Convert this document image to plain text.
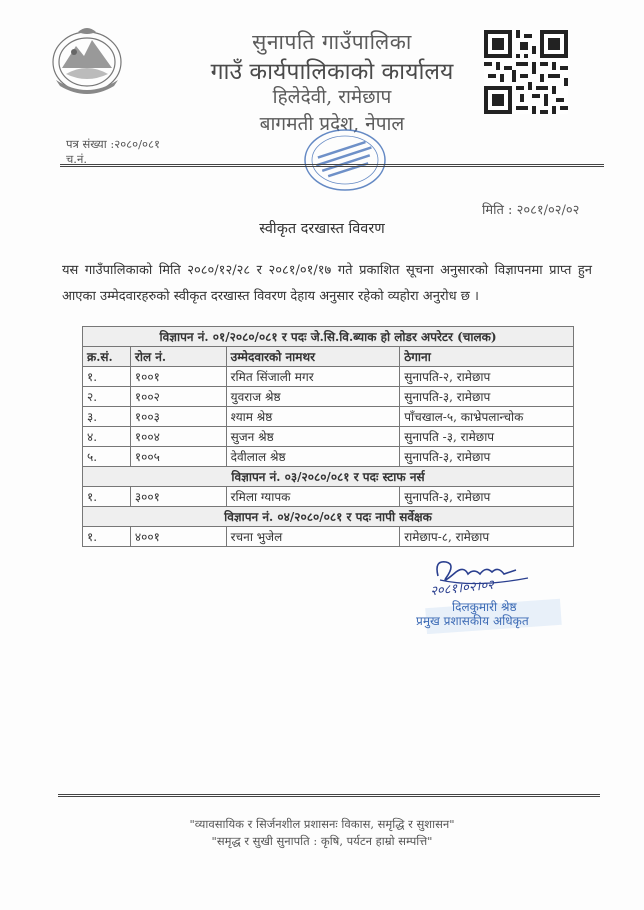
सुनापति गाउँपालिका
गाउँ कार्यपालिकाको कार्यालय
हिलेदेवी, रामेछाप
बागमती प्रदेश, नेपाल
पत्र संख्या :२०८०/०८१
च.नं.
मिति : २०८१/०२/०२
स्वीकृत दरखास्त विवरण
यस गाउँपालिकाको मिति २०८०/१२/२८ र २०८१/०१/१७ गते प्रकाशित सूचना अनुसारको विज्ञापनमा प्राप्त हुन आएका उम्मेदवारहरुको स्वीकृत दरखास्त विवरण देहाय अनुसार रहेको व्यहोरा अनुरोध छ ।
विज्ञापन नं. ०१/२०८०/०८१ र पदः जे.सि.वि.ब्याक हो लोडर अपरेटर (चालक)			
क्र.सं.	रोल नं.	उम्मेदवारको नामथर	ठेगाना
१.	१००१	रमित सिंजाली मगर	सुनापति-२, रामेछाप
२.	१००२	युवराज श्रेष्ठ	सुनापति-३, रामेछाप
३.	१००३	श्याम श्रेष्ठ	पाँचखाल-५, काभ्रेपलान्चोक
४.	१००४	सुजन श्रेष्ठ	सुनापति -३, रामेछाप
५.	१००५	देवीलाल श्रेष्ठ	सुनापति-३, रामेछाप
विज्ञापन नं. ०३/२०८०/०८१ र पदः स्टाफ नर्स			
१.	३००१	रमिला ग्यापक	सुनापति-३, रामेछाप
विज्ञापन नं. ०४/२०८०/०८१ र पदः नापी सर्वेक्षक			
१.	४००१	रचना भुजेल	रामेछाप-८, रामेछाप
२०८१।०२।०२
दिलकुमारी श्रेष्ठ
प्रमुख प्रशासकीय अधिकृत
"व्यावसायिक र सिर्जनशील प्रशासनः विकास, समृद्धि र सुशासन"
"समृद्ध र सुखी सुनापति : कृषि, पर्यटन हाम्रो सम्पत्ति"
